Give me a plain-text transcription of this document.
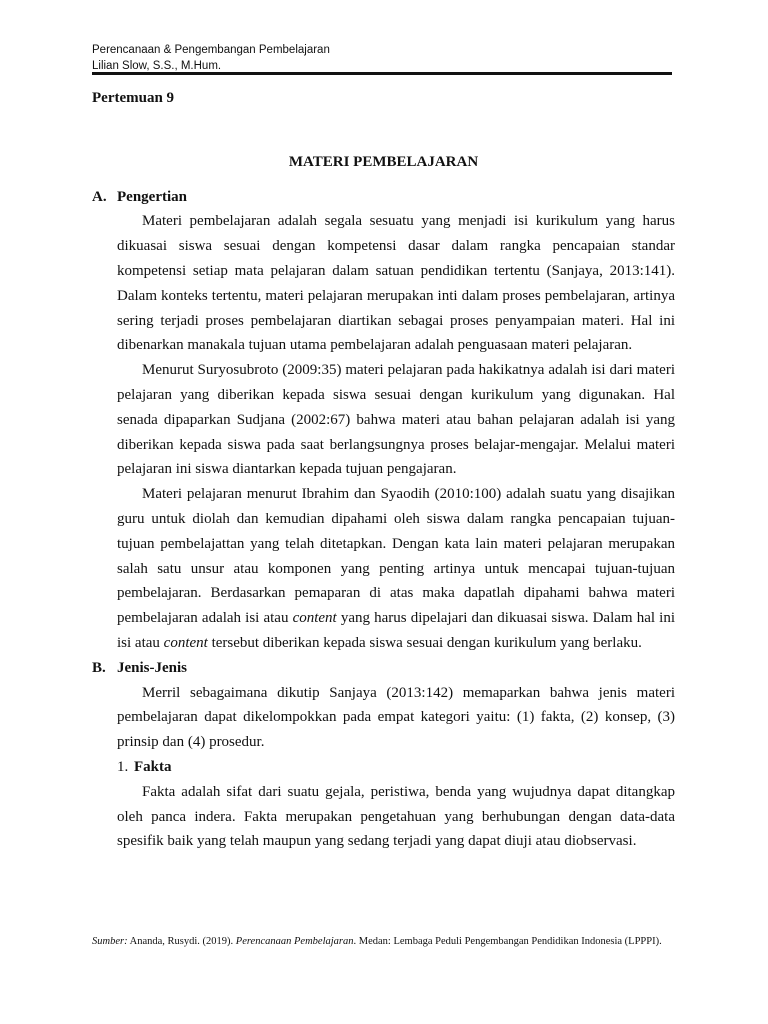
Perencanaan & Pengembangan Pembelajaran
Lilian Slow, S.S., M.Hum.

Pertemuan 9

MATERI PEMBELAJARAN

A. Pengertian

Materi pembelajaran adalah segala sesuatu yang menjadi isi kurikulum yang harus dikuasai siswa sesuai dengan kompetensi dasar dalam rangka pencapaian standar kompetensi setiap mata pelajaran dalam satuan pendidikan tertentu (Sanjaya, 2013:141). Dalam konteks tertentu, materi pelajaran merupakan inti dalam proses pembelajaran, artinya sering terjadi proses pembelajaran diartikan sebagai proses penyampaian materi. Hal ini dibenarkan manakala tujuan utama pembelajaran adalah penguasaan materi pelajaran.

Menurut Suryosubroto (2009:35) materi pelajaran pada hakikatnya adalah isi dari materi pelajaran yang diberikan kepada siswa sesuai dengan kurikulum yang digunakan. Hal senada dipaparkan Sudjana (2002:67) bahwa materi atau bahan pelajaran adalah isi yang diberikan kepada siswa pada saat berlangsungnya proses belajar-mengajar. Melalui materi pelajaran ini siswa diantarkan kepada tujuan pengajaran.

Materi pelajaran menurut Ibrahim dan Syaodih (2010:100) adalah suatu yang disajikan guru untuk diolah dan kemudian dipahami oleh siswa dalam rangka pencapaian tujuan-tujuan pembelajattan yang telah ditetapkan. Dengan kata lain materi pelajaran merupakan salah satu unsur atau komponen yang penting artinya untuk mencapai tujuan-tujuan pembelajaran. Berdasarkan pemaparan di atas maka dapatlah dipahami bahwa materi pembelajaran adalah isi atau content yang harus dipelajari dan dikuasai siswa. Dalam hal ini isi atau content tersebut diberikan kepada siswa sesuai dengan kurikulum yang berlaku.

B. Jenis-Jenis

Merril sebagaimana dikutip Sanjaya (2013:142) memaparkan bahwa jenis materi pembelajaran dapat dikelompokkan pada empat kategori yaitu: (1) fakta, (2) konsep, (3) prinsip dan (4) prosedur.

1. Fakta

Fakta adalah sifat dari suatu gejala, peristiwa, benda yang wujudnya dapat ditangkap oleh panca indera. Fakta merupakan pengetahuan yang berhubungan dengan data-data spesifik baik yang telah maupun yang sedang terjadi yang dapat diuji atau diobservasi.

Sumber: Ananda, Rusydi. (2019). Perencanaan Pembelajaran. Medan: Lembaga Peduli Pengembangan Pendidikan Indonesia (LPPPI).
